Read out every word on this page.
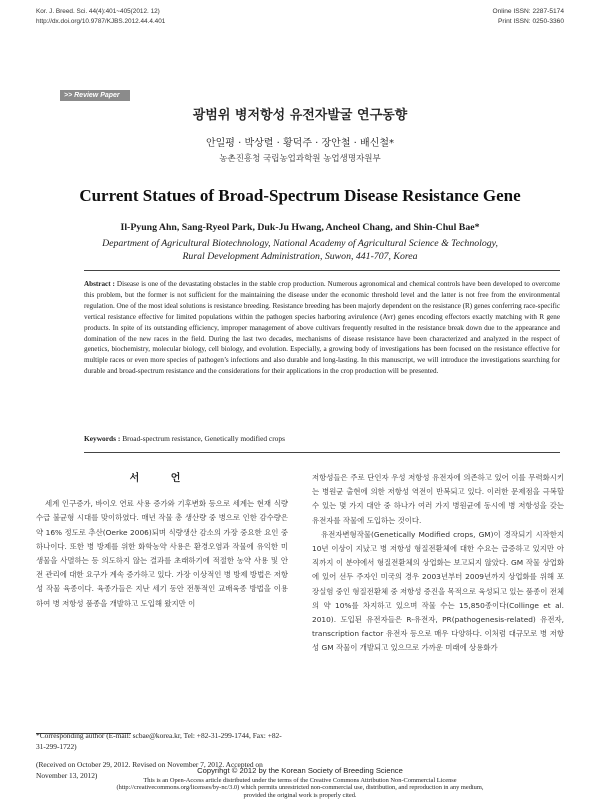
Kor. J. Breed. Sci. 44(4):401~405(2012. 12)
http://dx.doi.org/10.9787/KJBS.2012.44.4.401
Online ISSN: 2287-5174
Print ISSN: 0250-3360
>> Review Paper
광범위 병저항성 유전자발굴 연구동향
안일평 · 박상렬 · 황덕주 · 장안철 · 배신철*
농촌진흥청 국립농업과학원 농업생명자원부
Current Statues of Broad-Spectrum Disease Resistance Gene
Il-Pyung Ahn, Sang-Ryeol Park, Duk-Ju Hwang, Ancheol Chang, and Shin-Chul Bae*
Department of Agricultural Biotechnology, National Academy of Agricultural Science & Technology,
Rural Development Administration, Suwon, 441-707, Korea
Abstract : Disease is one of the devastating obstacles in the stable crop production. Numerous agronomical and chemical controls have been developed to overcome this problem, but the former is not sufficient for the maintaining the disease under the economic threshold level and the latter is not free from the environmental regulation. One of the most ideal solutions is resistance breeding. Resistance breeding has been majorly dependent on the resistance (R) genes conferring race-specific vertical resistance effective for limited populations within the pathogen species harboring avirulence (Avr) genes encoding effectors exactly matching with R gene products. In spite of its outstanding efficiency, improper management of above cultivars frequently resulted in the resistance break down due to the appearance and domination of the new races in the field. During the last two decades, mechanisms of disease resistance have been characterized and analyzed in the respect of genetics, biochemistry, molecular biology, cell biology, and evolution. Especially, a growing body of investigations has been focused on the resistance effective for multiple races or even more species of pathogen’s infections and also durable and long-lasting. In this manuscript, we will introduce the investigations searching for durable and broad-spectrum resistance and the considerations for their applications in the crop production will be presented.
Keywords : Broad-spectrum resistance, Genetically modified crops
서 언

세계 인구증가, 바이오 연료 사용 증가와 기후변화 등으로 세계는 현재 식량 수급 불균형 시대를 맞이하였다. 매년 작물 총 생산량 중 병으로 인한 감수량은 약 16% 정도로 추산(Oerke 2006)되며 식량생산 감소의 가장 중요한 요인 중 하나이다. 또한 병 방제를 위한 화학농약 사용은 환경오염과 작물에 유익한 미생물을 사멸하는 등 의도하지 않는 결과를 초래하기에 적절한 농약 사용 및 안전 관리에 대한 요구가 계속 증가하고 있다. 가장 이상적인 병 방제 방법은 저항성 작물 육종이다. 육종가들은 지난 세기 동안 전통적인 교배육종 방법을 이용하여 병 저항성 품종을 개발하고 도입해 왔지만 이

저항성들은 주로 단인자 우성 저항성 유전자에 의존하고 있어 이를 무력화시키는 병원균 출현에 의한 저항성 역전이 반복되고 있다. 이러한 문제점을 극복할 수 있는 몇 가지 대안 중 하나가 여러 가지 병원균에 동시에 병 저항성을 갖는 유전자를 작물에 도입하는 것이다.

유전자변형작물(Genetically Modified crops, GM)이 경작되기 시작한지 10년 이상이 지났고 병 저항성 형질전환체에 대한 수요는 급증하고 있지만 아직까지 이 분야에서 형질전환체의 상업화는 보고되지 않았다. GM 작물 상업화에 있어 선두 주자인 미국의 경우 2003년부터 2009년까지 상업화를 위해 포장실험 중인 형질전환체 중 저항성 증진을 목적으로 육성되고 있는 품종이 전체의 약 10%를 차지하고 있으며 작물 수는 15,850종이다(Collinge et al. 2010). 도입된 유전자들은 R-유전자, PR(pathogenesis-related) 유전자, transcription factor 유전자 등으로 매우 다양하다. 이처럼 대규모로 병 저항성 GM 작물이 개발되고 있으므로 가까운 미래에 상용화가

*Corresponding author (E-mail: scbae@korea.kr, Tel: +82-31-299-1744, Fax: +82-31-299-1722)

(Received on October 29, 2012. Revised on November 7, 2012. Accepted on November 13, 2012)	Copyrihgt © 2012 by the Korean Society of Breeding Science
This is an Open-Access article distributed under the terms of the Creative Commons Attribution Non-Commercial License
(http://creativecommons.org/licenses/by-nc/3.0) which permits unrestricted non-commercial use, distribution, and reproduction in any medium,
provided the original work is properly cited.
